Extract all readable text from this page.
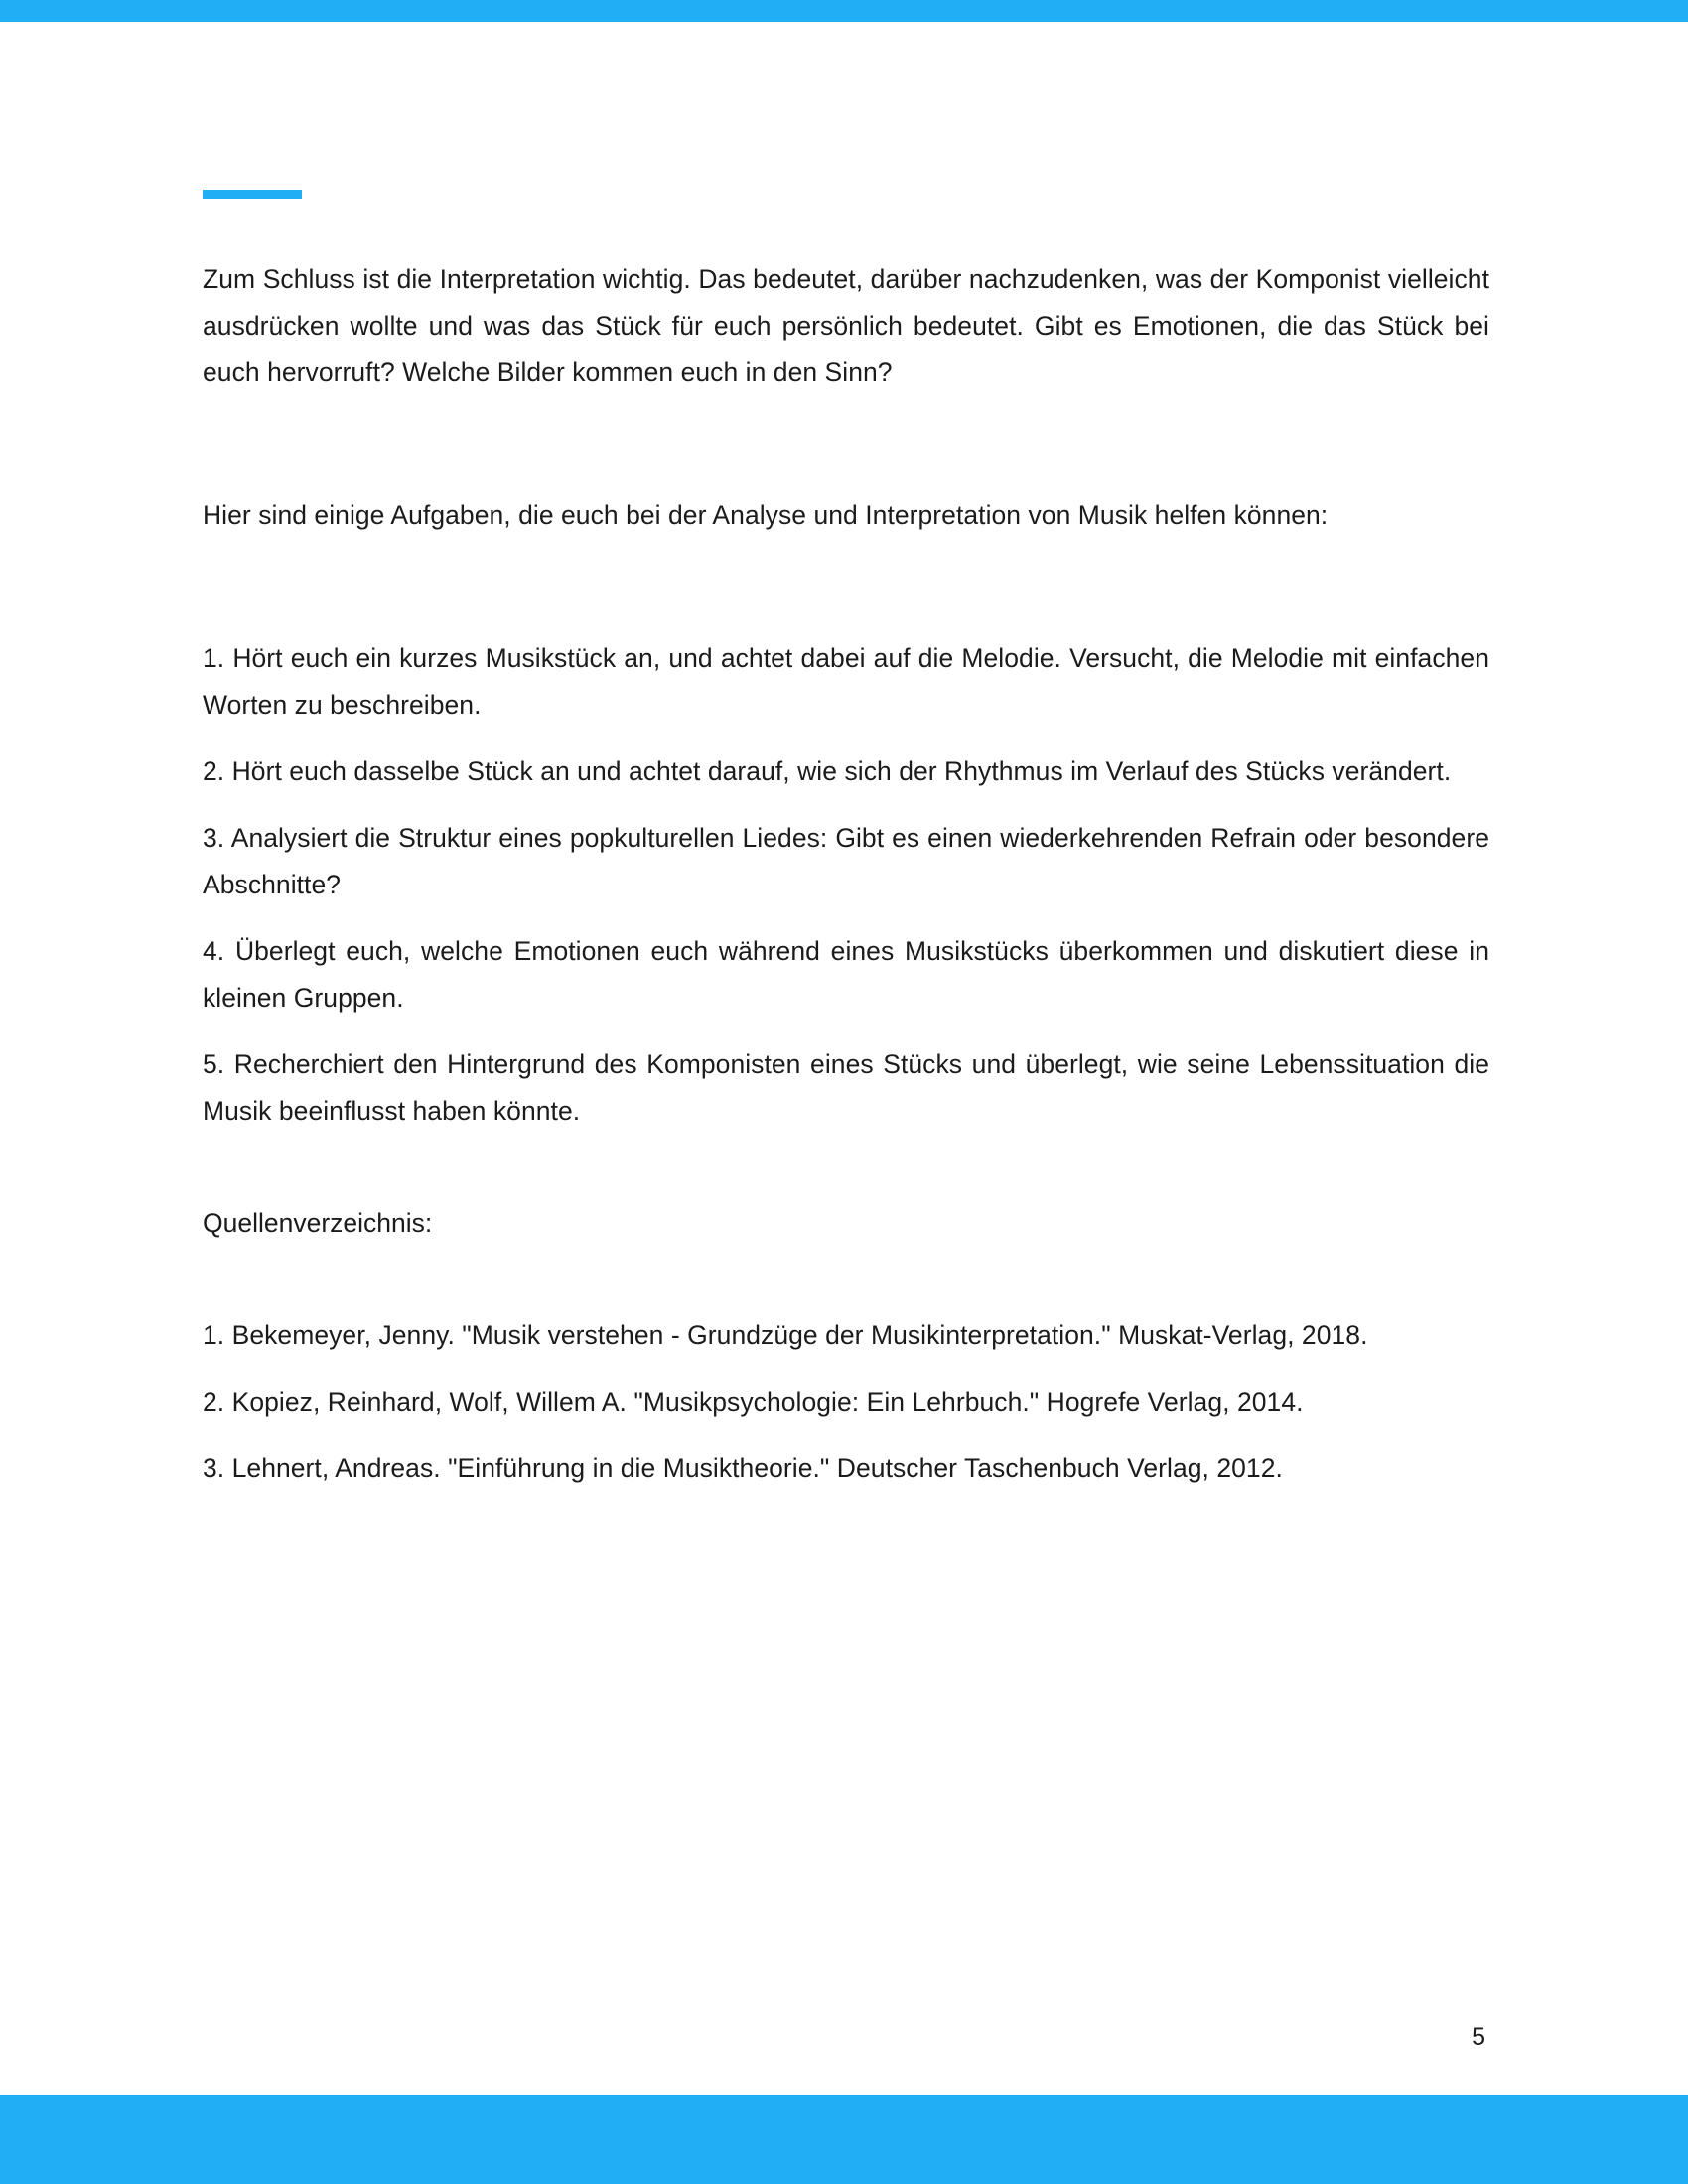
Zum Schluss ist die Interpretation wichtig. Das bedeutet, darüber nachzudenken, was der Komponist vielleicht ausdrücken wollte und was das Stück für euch persönlich bedeutet. Gibt es Emotionen, die das Stück bei euch hervorruft? Welche Bilder kommen euch in den Sinn?

Hier sind einige Aufgaben, die euch bei der Analyse und Interpretation von Musik helfen können:

1. Hört euch ein kurzes Musikstück an, und achtet dabei auf die Melodie. Versucht, die Melodie mit einfachen Worten zu beschreiben.

2. Hört euch dasselbe Stück an und achtet darauf, wie sich der Rhythmus im Verlauf des Stücks verändert.

3. Analysiert die Struktur eines popkulturellen Liedes: Gibt es einen wiederkehrenden Refrain oder besondere Abschnitte?

4. Überlegt euch, welche Emotionen euch während eines Musikstücks überkommen und diskutiert diese in kleinen Gruppen.

5. Recherchiert den Hintergrund des Komponisten eines Stücks und überlegt, wie seine Lebenssituation die Musik beeinflusst haben könnte.

Quellenverzeichnis:

1. Bekemeyer, Jenny. "Musik verstehen - Grundzüge der Musikinterpretation." Muskat-Verlag, 2018.

2. Kopiez, Reinhard, Wolf, Willem A. "Musikpsychologie: Ein Lehrbuch." Hogrefe Verlag, 2014.

3. Lehnert, Andreas. "Einführung in die Musiktheorie." Deutscher Taschenbuch Verlag, 2012.

5
